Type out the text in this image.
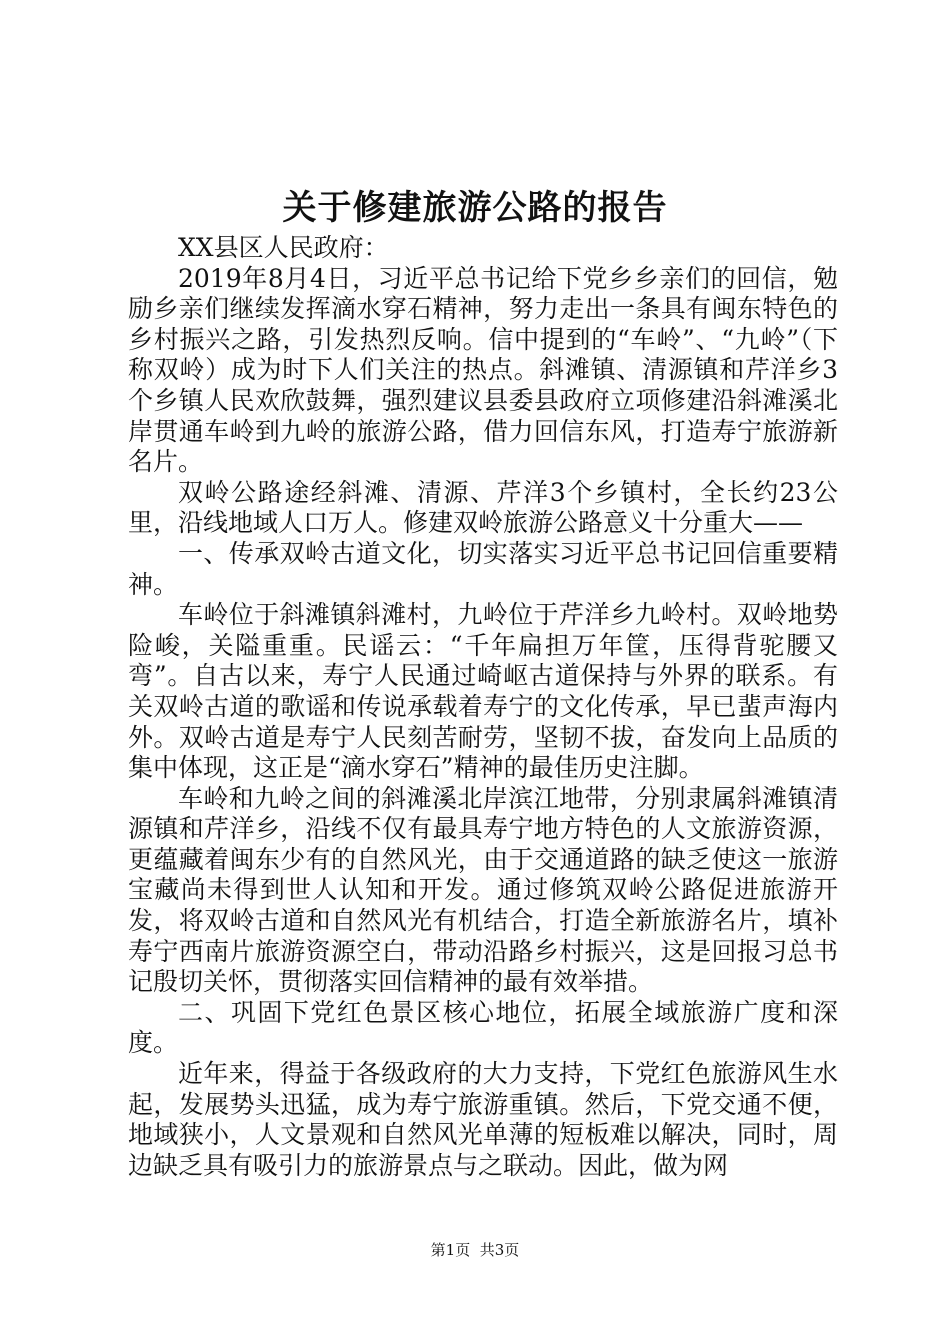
关于修建旅游公路的报告

XX县区人民政府：

2019年8月4日，习近平总书记给下党乡乡亲们的回信，勉励乡亲们继续发挥滴水穿石精神，努力走出一条具有闽东特色的乡村振兴之路，引发热烈反响。信中提到的“车岭”、“九岭”（下称双岭）成为时下人们关注的热点。斜滩镇、清源镇和芹洋乡3个乡镇人民欢欣鼓舞，强烈建议县委县政府立项修建沿斜滩溪北岸贯通车岭到九岭的旅游公路，借力回信东风，打造寿宁旅游新名片。

双岭公路途经斜滩、清源、芹洋3个乡镇村，全长约23公里，沿线地域人口万人。修建双岭旅游公路意义十分重大——

一、传承双岭古道文化，切实落实习近平总书记回信重要精神。

车岭位于斜滩镇斜滩村，九岭位于芹洋乡九岭村。双岭地势险峻，关隘重重。民谣云：“千年扁担万年筐，压得背驼腰又弯”。自古以来，寿宁人民通过崎岖古道保持与外界的联系。有关双岭古道的歌谣和传说承载着寿宁的文化传承，早已蜚声海内外。双岭古道是寿宁人民刻苦耐劳，坚韧不拔，奋发向上品质的集中体现，这正是“滴水穿石”精神的最佳历史注脚。

车岭和九岭之间的斜滩溪北岸滨江地带，分别隶属斜滩镇清源镇和芹洋乡，沿线不仅有最具寿宁地方特色的人文旅游资源，更蕴藏着闽东少有的自然风光，由于交通道路的缺乏使这一旅游宝藏尚未得到世人认知和开发。通过修筑双岭公路促进旅游开发，将双岭古道和自然风光有机结合，打造全新旅游名片，填补寿宁西南片旅游资源空白，带动沿路乡村振兴，这是回报习总书记殷切关怀，贯彻落实回信精神的最有效举措。

二、巩固下党红色景区核心地位，拓展全域旅游广度和深度。

近年来，得益于各级政府的大力支持，下党红色旅游风生水起，发展势头迅猛，成为寿宁旅游重镇。然后，下党交通不便，地域狭小，人文景观和自然风光单薄的短板难以解决，同时，周边缺乏具有吸引力的旅游景点与之联动。因此，做为网

第1页 共3页
